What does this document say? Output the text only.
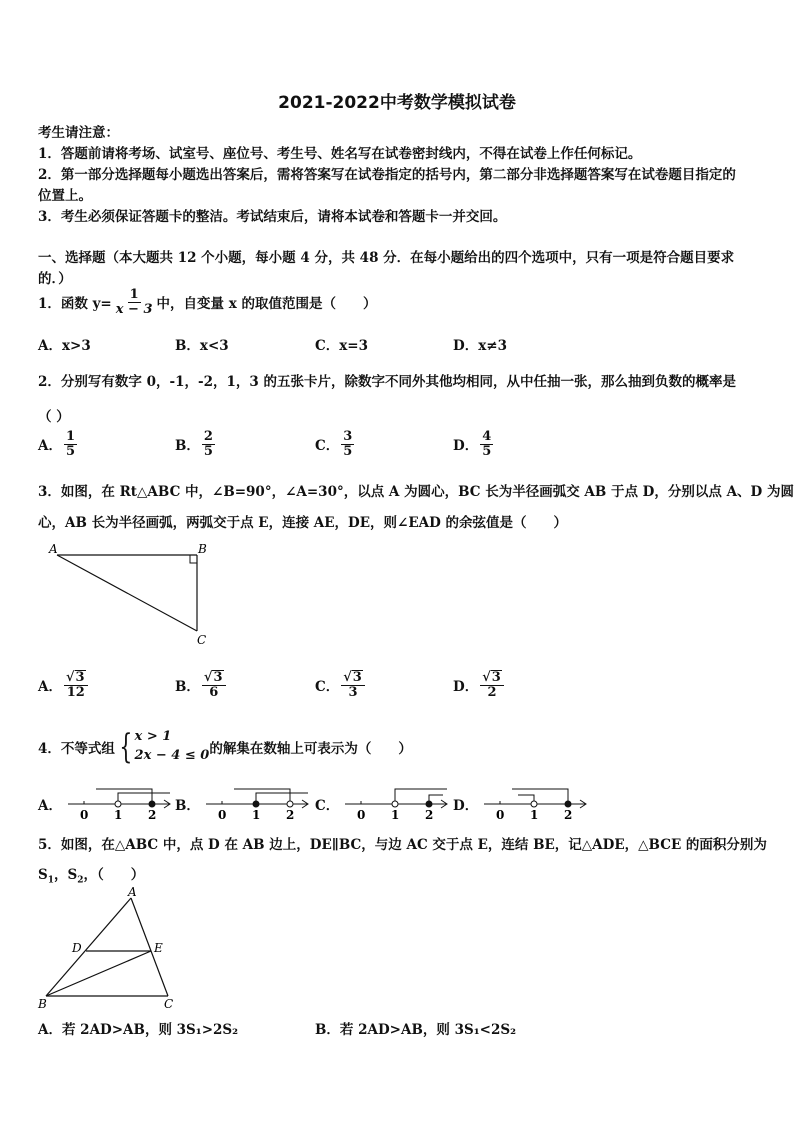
2021-2022中考数学模拟试卷
考生请注意：
1．答题前请将考场、试室号、座位号、考生号、姓名写在试卷密封线内，不得在试卷上作任何标记。
2．第一部分选择题每小题选出答案后，需将答案写在试卷指定的括号内，第二部分非选择题答案写在试卷题目指定的
位置上。
3．考生必须保证答题卡的整洁。考试结束后，请将本试卷和答题卡一并交回。
一、选择题（本大题共 12 个小题，每小题 4 分，共 48 分．在每小题给出的四个选项中，只有一项是符合题目要求
的．）
1．函数 $y= \frac{1}{x - 3}$ 中，自变量 x 的取值范围是（　　）
A．x>3	B．x<3	C．x=3	D．x≠3
2．分别写有数字 0，-1，-2，1，3 的五张卡片，除数字不同外其他均相同，从中任抽一张，那么抽到负数的概率是
（ ）
A． $\frac{1}{5}$	B． $\frac{2}{5}$	C． $\frac{3}{5}$	D． $\frac{4}{5}$
3．如图，在 Rt△ABC 中，∠B=90°，∠A=30°，以点 A 为圆心，BC 长为半径画弧交 AB 于点 D，分别以点 A、D 为圆
心，AB 长为半径画弧，两弧交于点 E，连接 AE，DE，则∠EAD 的余弦值是（　　）
A	B
C
A． $\frac{√ 3}{12}$	B． $\frac{√ 3}{6}$	C． $\frac{√ 3}{3}$	D． $\frac{√ 3}{2}$
4．不等式组 { x > 1
2x − 4 ≤ 0 的解集在数轴上可表示为（　　）
A．
0 1 2
B．
0 1 2
C．
0 1 2
D．
0 1 2
5．如图，在△ABC 中，点 D 在 AB 边上，DE∥BC，与边 AC 交于点 E，连结 BE，记△ADE，△BCE 的面积分别为
$S_1$，$S_2$，（　　）
A
D	E
B	C
A．若 2AD>AB，则 3S₁>2S₂	B．若 2AD>AB，则 3S₁<2S₂
